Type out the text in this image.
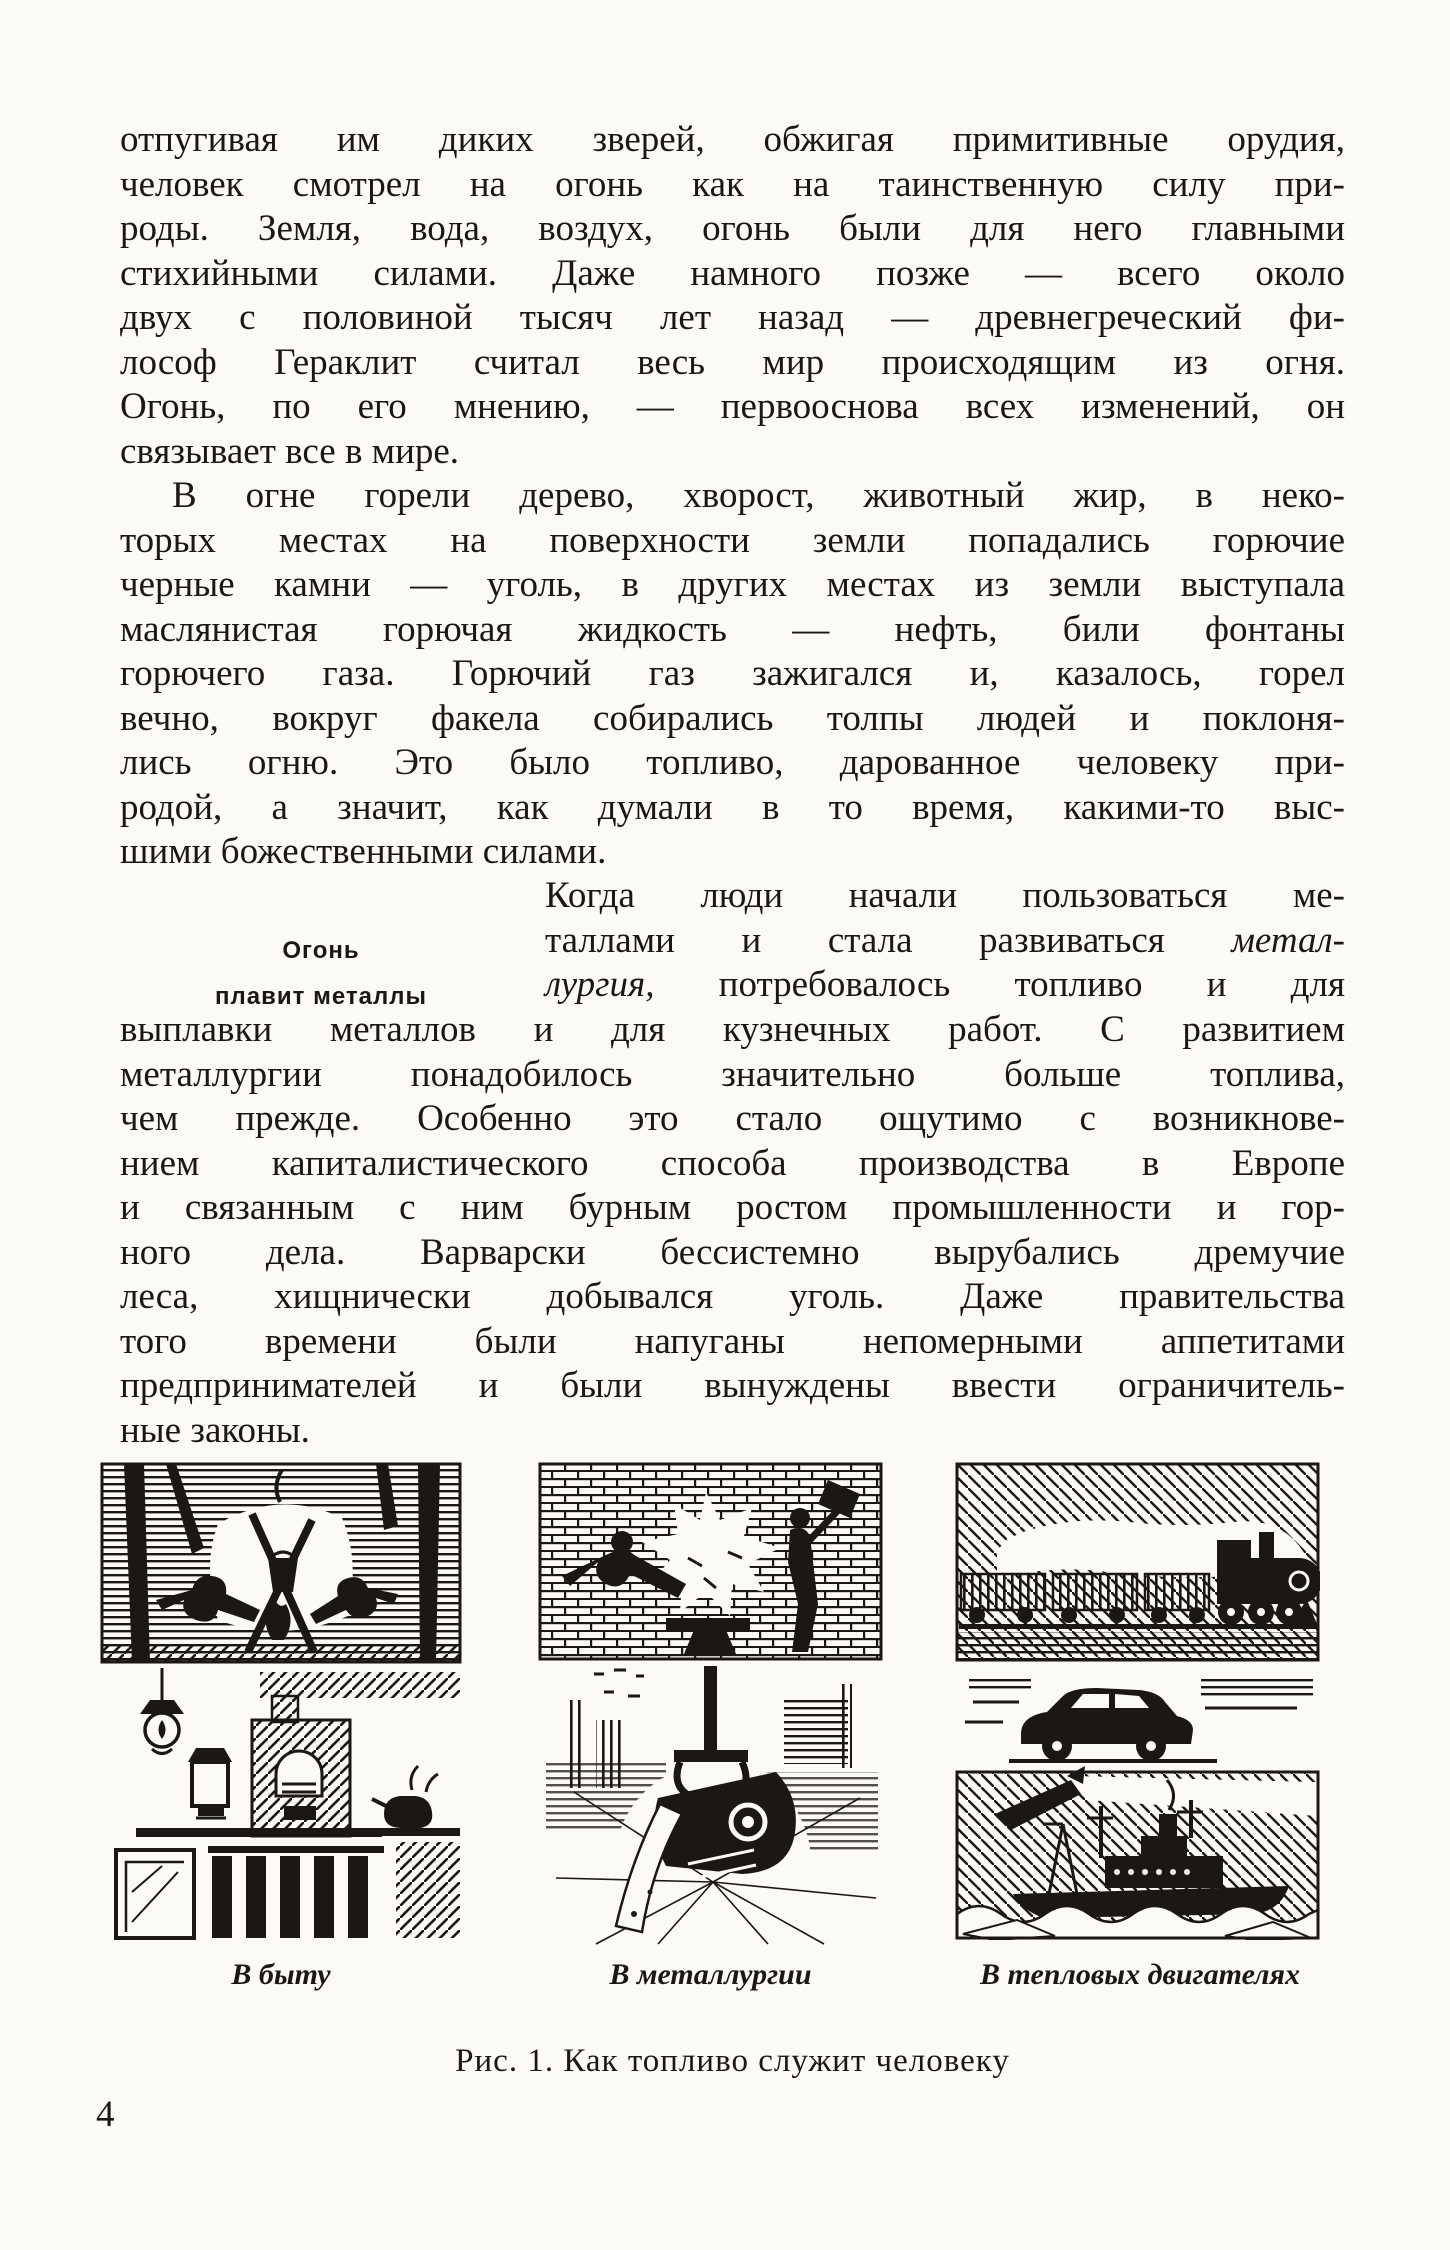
отпугивая им диких зверей, обжигая примитивные орудия,
человек смотрел на огонь как на таинственную силу при-
роды. Земля, вода, воздух, огонь были для него главными
стихийными силами. Даже намного позже — всего около
двух с половиной тысяч лет назад — древнегреческий фи-
лософ Гераклит считал весь мир происходящим из огня.
Огонь, по его мнению, — первооснова всех изменений, он
связывает все в мире.
В огне горели дерево, хворост, животный жир, в неко-
торых местах на поверхности земли попадались горючие
черные камни — уголь, в других местах из земли выступала
маслянистая горючая жидкость — нефть, били фонтаны
горючего газа. Горючий газ зажигался и, казалось, горел
вечно, вокруг факела собирались толпы людей и поклоня-
лись огню. Это было топливо, дарованное человеку при-
родой, а значит, как думали в то время, какими-то выс-
шими божественными силами.
Огонь
плавит металлы
Когда люди начали пользоваться ме-
таллами и стала развиваться метал-
лургия, потребовалось топливо и для
выплавки металлов и для кузнечных работ. С развитием
металлургии понадобилось значительно больше топлива,
чем прежде. Особенно это стало ощутимо с возникнове-
нием капиталистического способа производства в Европе
и связанным с ним бурным ростом промышленности и гор-
ного дела. Варварски бессистемно вырубались дремучие
леса, хищнически добывался уголь. Даже правительства
того времени были напуганы непомерными аппетитами
предпринимателей и были вынуждены ввести ограничитель-
ные законы.
В быту	В металлургии	В тепловых двигателях
Рис. 1. Как топливо служит человеку
4
